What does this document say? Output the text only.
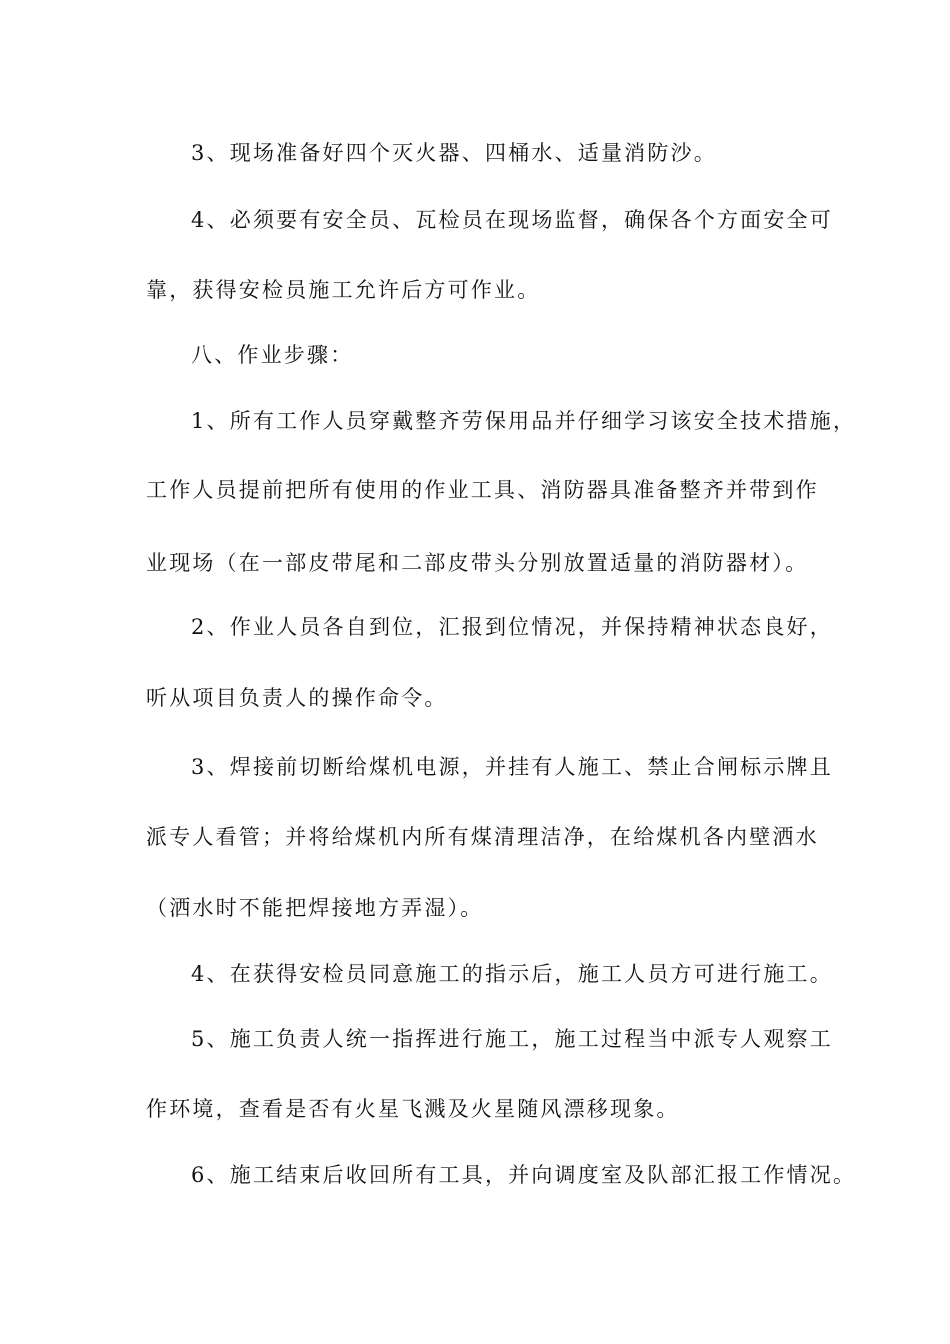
3、现场准备好四个灭火器、四桶水、适量消防沙。
4、必须要有安全员、瓦检员在现场监督，确保各个方面安全可
靠，获得安检员施工允许后方可作业。
八、作业步骤：
1、所有工作人员穿戴整齐劳保用品并仔细学习该安全技术措施，
工作人员提前把所有使用的作业工具、消防器具准备整齐并带到作
业现场（在一部皮带尾和二部皮带头分别放置适量的消防器材）。
2、作业人员各自到位，汇报到位情况，并保持精神状态良好，
听从项目负责人的操作命令。
3、焊接前切断给煤机电源，并挂有人施工、禁止合闸标示牌且
派专人看管；并将给煤机内所有煤清理洁净，在给煤机各内壁洒水
（洒水时不能把焊接地方弄湿）。
4、在获得安检员同意施工的指示后，施工人员方可进行施工。
5、施工负责人统一指挥进行施工，施工过程当中派专人观察工
作环境，查看是否有火星飞溅及火星随风漂移现象。
6、施工结束后收回所有工具，并向调度室及队部汇报工作情况。
